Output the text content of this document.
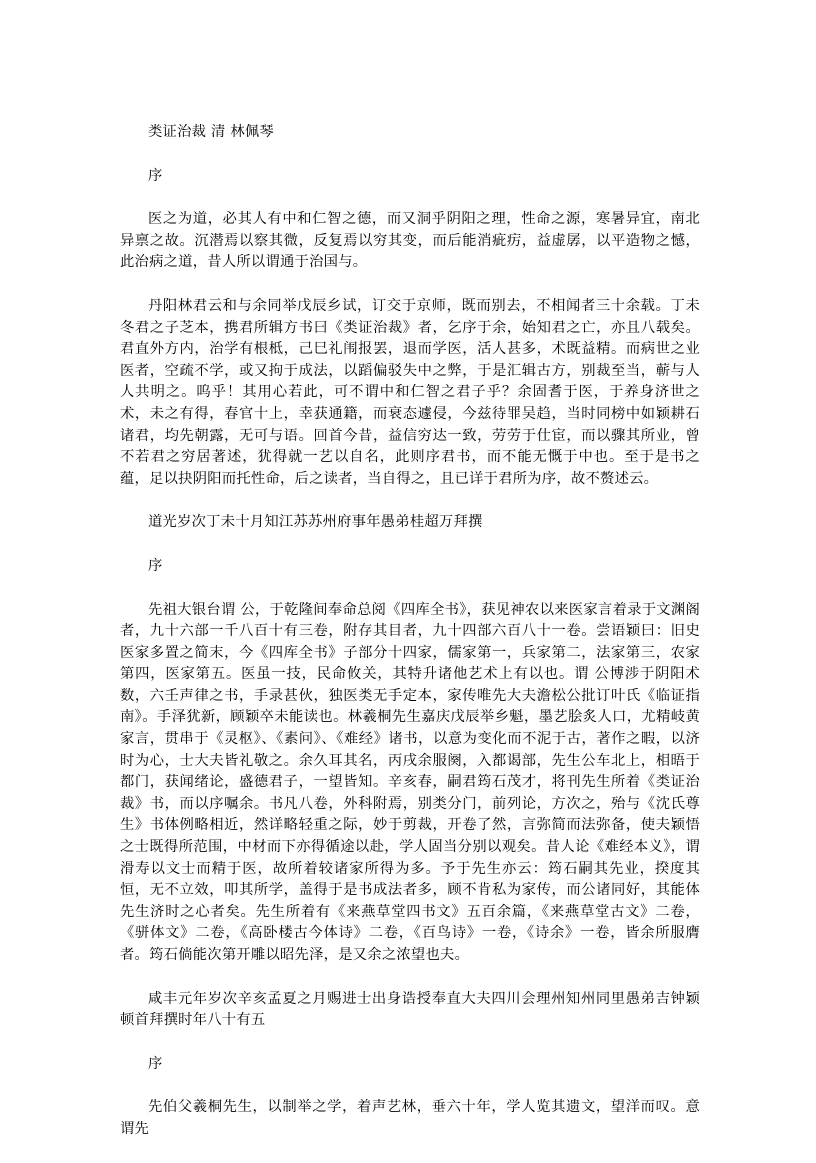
类证治裁 清 林佩琴

序

医之为道，必其人有中和仁智之德，而又洞乎阴阳之理，性命之源，寒暑异宜，南北异禀之故。沉潜焉以察其微，反复焉以穷其变，而后能消疵疠，益虚孱，以平造物之憾，此治病之道，昔人所以谓通于治国与。

丹阳林君云和与余同举戊辰乡试，订交于京师，既而别去，不相闻者三十余载。丁未冬君之子芝本，携君所辑方书曰《类证治裁》者，乞序于余，始知君之亡，亦且八载矣。君直外方内，治学有根柢，己巳礼闱报罢，退而学医，活人甚多，术既益精。而病世之业医者，空疏不学，或又拘于成法，以蹈偏驳失中之弊，于是汇辑古方，别裁至当，蕲与人人共明之。呜乎！其用心若此，可不谓中和仁智之君子乎？余固耆于医，于养身济世之术，未之有得，春官十上，幸获通籍，而衰态遽侵，今兹待罪吴趋，当时同榜中如颖耕石诸君，均先朝露，无可与语。回首今昔，益信穷达一致，劳劳于仕宦，而以骤其所业，曾不若君之穷居著述，犹得就一艺以自名，此则序君书，而不能无慨于中也。至于是书之蕴，足以抉阴阳而托性命，后之读者，当自得之，且已详于君所为序，故不赘述云。

道光岁次丁未十月知江苏苏州府事年愚弟桂超万拜撰

序

先祖大银台谓 公，于乾隆间奉命总阅《四库全书》，获见神农以来医家言着录于文渊阁者，九十六部一千八百十有三卷，附存其目者，九十四部六百八十一卷。尝语颖曰：旧史医家多置之简末，今《四库全书》子部分十四家，儒家第一，兵家第二，法家第三，农家第四，医家第五。医虽一技，民命攸关，其特升诸他艺术上有以也。谓 公博涉于阴阳术数，六壬声律之书，手录甚伙，独医类无手定本，家传唯先大夫澹松公批订叶氏《临证指南》。手泽犹新，顾颖卒未能读也。林羲桐先生嘉庆戊辰举乡魁，墨艺脍炙人口，尤精岐黄家言，贯串于《灵枢》、《素问》、《难经》诸书，以意为变化而不泥于古，著作之暇，以济时为心，士大夫皆礼敬之。余久耳其名，丙戌余服阕，入都谒部，先生公车北上，相晤于都门，获闻绪论，盛德君子，一望皆知。辛亥春，嗣君筠石茂才，将刊先生所着《类证治裁》书，而以序嘱余。书凡八卷，外科附焉，别类分门，前列论，方次之，殆与《沈氏尊生》书体例略相近，然详略轻重之际，妙于剪裁，开卷了然，言弥简而法弥备，使夫颖悟之士既得所范围，中材而下亦得循途以赴，学人固当分别以观矣。昔人论《难经本义》，谓滑寿以文士而精于医，故所着较诸家所得为多。予于先生亦云：筠石嗣其先业，揆度其恒，无不立效，叩其所学，盖得于是书成法者多，顾不肯私为家传，而公诸同好，其能体先生济时之心者矣。先生所着有《来燕草堂四书文》五百余篇，《来燕草堂古文》二卷，《骈体文》二卷，《高卧楼古今体诗》二卷，《百鸟诗》一卷，《诗余》一卷，皆余所服膺者。筠石倘能次第开雕以昭先泽，是又余之浓望也夫。

咸丰元年岁次辛亥孟夏之月赐进士出身诰授奉直大夫四川会理州知州同里愚弟吉钟颖顿首拜撰时年八十有五

序

先伯父羲桐先生，以制举之学，着声艺林，垂六十年，学人览其遗文，望洋而叹。意谓先
